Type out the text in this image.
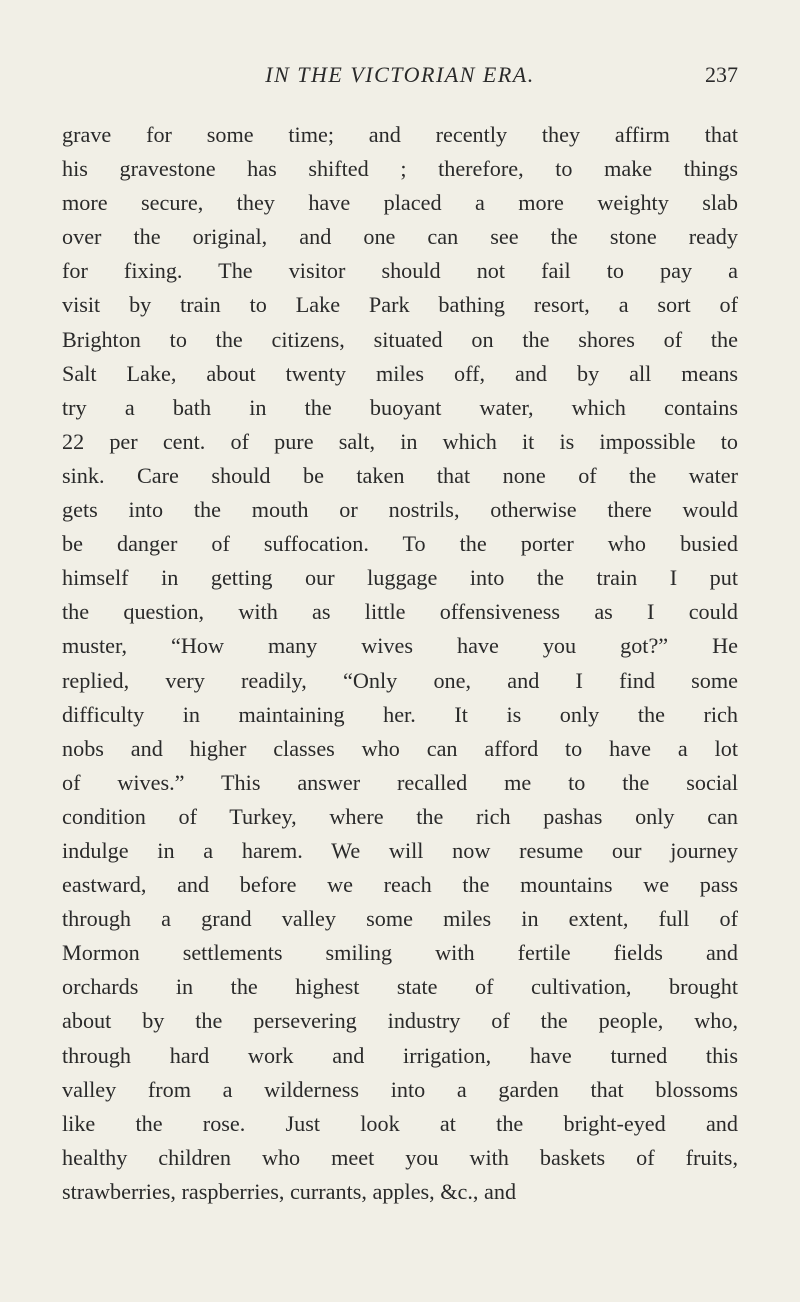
IN THE VICTORIAN ERA.	237
grave for some time; and recently they affirm that
his gravestone has shifted ; therefore, to make things
more secure, they have placed a more weighty slab
over the original, and one can see the stone ready
for fixing. The visitor should not fail to pay a
visit by train to Lake Park bathing resort, a sort of
Brighton to the citizens, situated on the shores of the
Salt Lake, about twenty miles off, and by all means
try a bath in the buoyant water, which contains
22 per cent. of pure salt, in which it is impossible to
sink. Care should be taken that none of the water
gets into the mouth or nostrils, otherwise there would
be danger of suffocation. To the porter who busied
himself in getting our luggage into the train I put
the question, with as little offensiveness as I could
muster, “How many wives have you got?” He
replied, very readily, “Only one, and I find some
difficulty in maintaining her. It is only the rich
nobs and higher classes who can afford to have a lot
of wives.” This answer recalled me to the social
condition of Turkey, where the rich pashas only can
indulge in a harem. We will now resume our journey
eastward, and before we reach the mountains we pass
through a grand valley some miles in extent, full of
Mormon settlements smiling with fertile fields and
orchards in the highest state of cultivation, brought
about by the persevering industry of the people, who,
through hard work and irrigation, have turned this
valley from a wilderness into a garden that blossoms
like the rose. Just look at the bright-eyed and
healthy children who meet you with baskets of fruits,
strawberries, raspberries, currants, apples, &c., and
